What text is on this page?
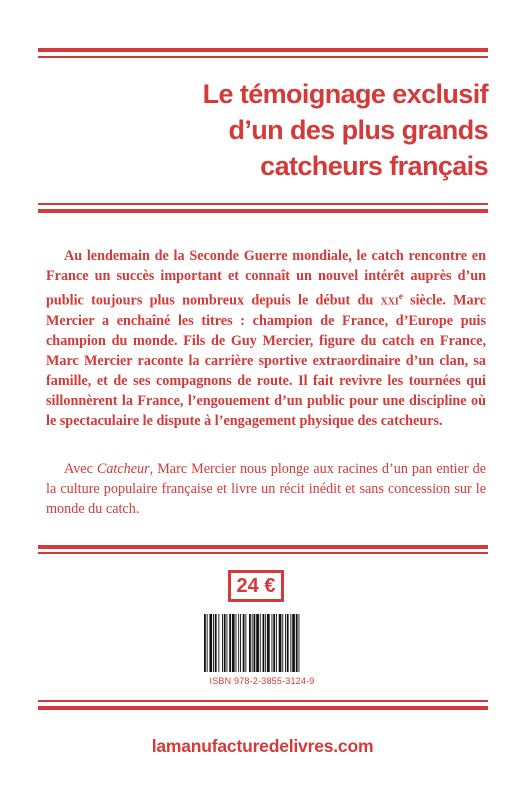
Le témoignage exclusif
d’un des plus grands
catcheurs français
Au lendemain de la Seconde Guerre mondiale, le catch rencontre en France un succès important et connaît un nouvel intérêt auprès d’un public toujours plus nombreux depuis le début du xxi$^e$ siècle. Marc Mercier a enchaîné les titres : champion de France, d’Europe puis champion du monde. Fils de Guy Mercier, figure du catch en France, Marc Mercier raconte la carrière sportive extraordinaire d’un clan, sa famille, et de ses compagnons de route. Il fait revivre les tournées qui sillonnèrent la France, l’engouement d’un public pour une discipline où le spectaculaire le dispute à l’engagement physique des catcheurs.
Avec Catcheur, Marc Mercier nous plonge aux racines d’un pan entier de la culture populaire française et livre un récit inédit et sans concession sur le monde du catch.
24 €
ISBN 978-2-3855-3124-9
lamanufacturedelivres.com
